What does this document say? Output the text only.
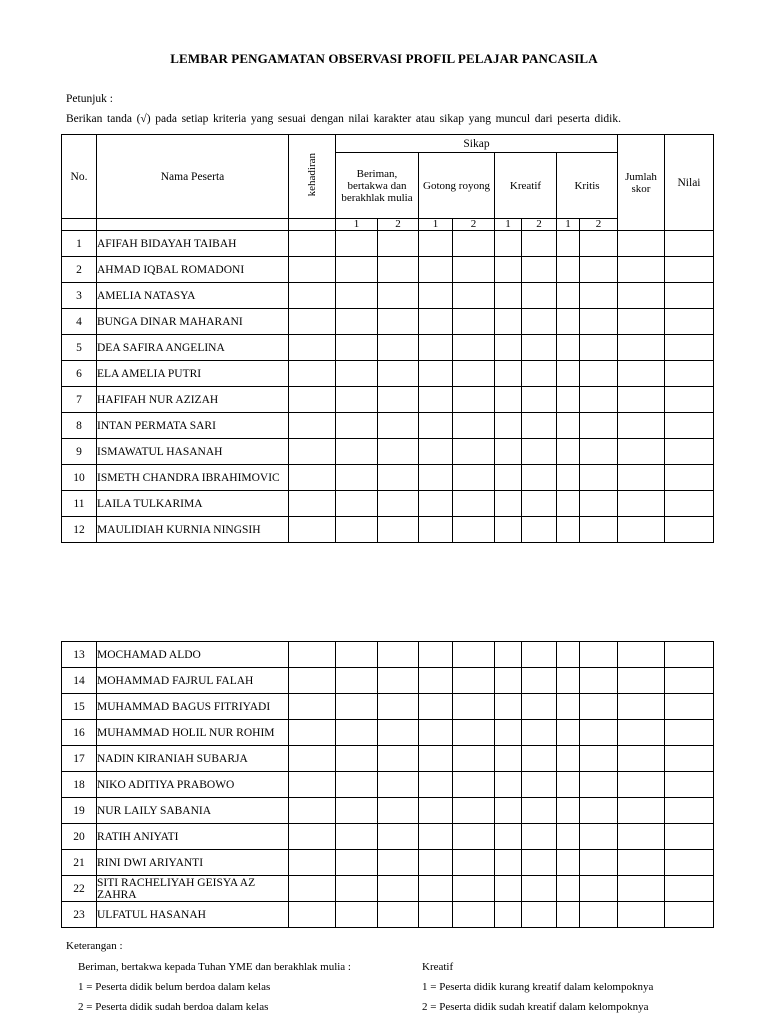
LEMBAR PENGAMATAN OBSERVASI PROFIL PELAJAR PANCASILA
Petunjuk :
Berikan tanda (√) pada setiap kriteria yang sesuai dengan nilai karakter atau sikap yang muncul dari peserta didik.
No.	Nama Peserta	kehadiran	Sikap								Jumlah skor	Nilai
			Beriman, bertakwa dan berakhlak mulia		Gotong royong		Kreatif		Kritis			
			1	2	1	2	1	2	1	2		
1	AFIFAH BIDAYAH TAIBAH											
2	AHMAD IQBAL ROMADONI											
3	AMELIA NATASYA											
4	BUNGA DINAR MAHARANI											
5	DEA SAFIRA ANGELINA											
6	ELA AMELIA PUTRI											
7	HAFIFAH NUR AZIZAH											
8	INTAN PERMATA SARI											
9	ISMAWATUL HASANAH											
10	ISMETH CHANDRA IBRAHIMOVIC											
11	LAILA TULKARIMA											
12	MAULIDIAH KURNIA NINGSIH											
13	MOCHAMAD ALDO											
14	MOHAMMAD FAJRUL FALAH											
15	MUHAMMAD BAGUS FITRIYADI											
16	MUHAMMAD HOLIL NUR ROHIM											
17	NADIN KIRANIAH SUBARJA											
18	NIKO ADITIYA PRABOWO											
19	NUR LAILY SABANIA											
20	RATIH ANIYATI											
21	RINI DWI ARIYANTI											
22	SITI RACHELIYAH GEISYA AZ ZAHRA											
23	ULFATUL HASANAH											
Keterangan :
Beriman, bertakwa kepada Tuhan YME dan berakhlak mulia :
1 = Peserta didik belum berdoa dalam kelas
2 = Peserta didik sudah berdoa dalam kelas
Kreatif
1 = Peserta didik kurang kreatif dalam kelompoknya
2 = Peserta didik sudah kreatif dalam kelompoknya
